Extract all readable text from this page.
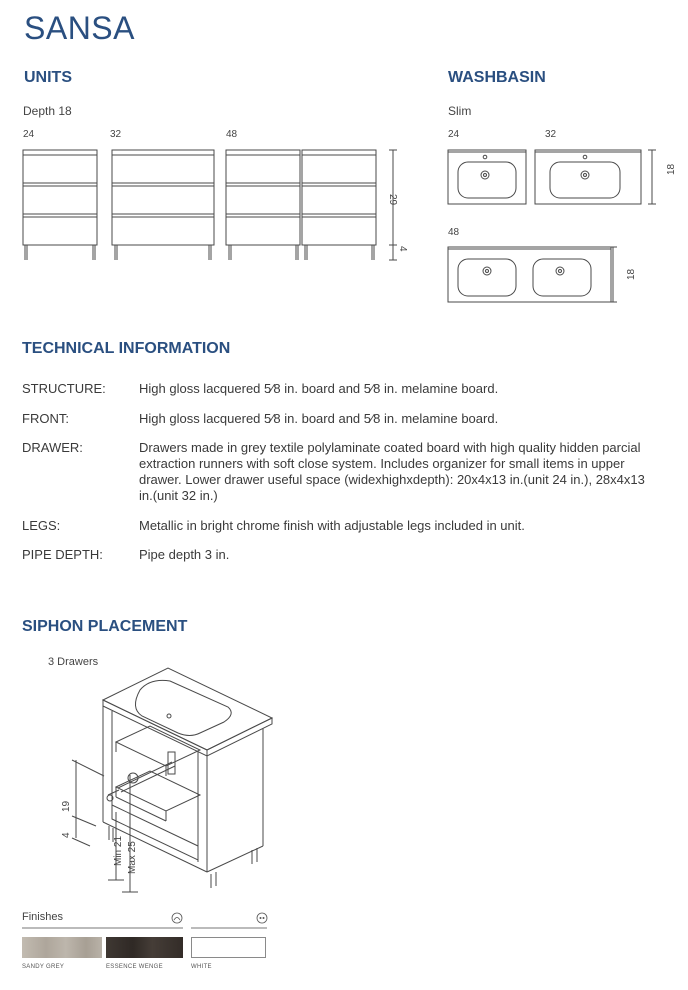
SANSA
UNITS
Depth 18
24	32	48
29
4
WASHBASIN
Slim
24	32
48
18
18
TECHNICAL INFORMATION
STRUCTURE:	High gloss lacquered 5⁄8 in. board and 5⁄8 in. melamine board.
FRONT:	High gloss lacquered 5⁄8 in. board and 5⁄8 in. melamine board.
DRAWER:	Drawers made in grey textile polylaminate coated board with high quality hidden parcial extraction runners with soft close system. Includes organizer for small items in upper drawer. Lower drawer useful space (widexhighxdepth): 20x4x13 in.(unit 24 in.), 28x4x13 in.(unit 32 in.)
LEGS:	Metallic in bright chrome finish with adjustable legs included in unit.
PIPE DEPTH:	Pipe depth 3 in.
SIPHON PLACEMENT
3 Drawers
19
4
Min 21 Max 25
Finishes
SANDY GREY	ESSENCE WENGE	WHITE
